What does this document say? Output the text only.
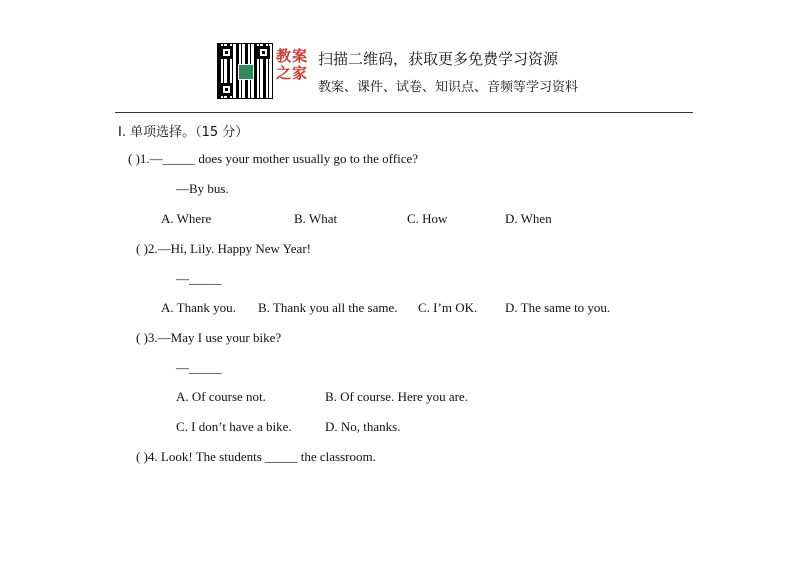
教案之家
扫描二维码，获取更多免费学习资源
教案、课件、试卷、知识点、音频等学习资料
Ⅰ. 单项选择。（15 分）
( )1.—_____ does your mother usually go to the office?
—By bus.
A. Where	B. What	C. How	D. When
( )2.—Hi, Lily. Happy New Year!
—_____
A. Thank you. B. Thank you all the same. C. I’m OK. D. The same to you.
( )3.—May I use your bike?
—_____
A. Of course not.	B. Of course. Here you are.
C. I don’t have a bike.	D. No, thanks.
( )4. Look! The students _____ the classroom.
